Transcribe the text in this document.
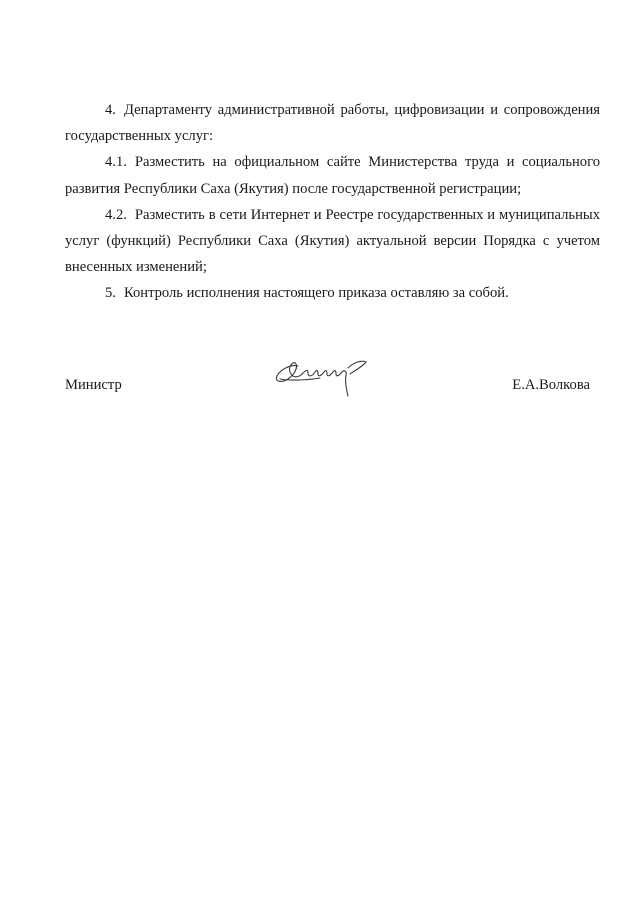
4. Департаменту административной работы, цифровизации и сопровождения государственных услуг:

4.1. Разместить на официальном сайте Министерства труда и социального развития Республики Саха (Якутия) после государственной регистрации;

4.2. Разместить в сети Интернет и Реестре государственных и муниципальных услуг (функций) Республики Саха (Якутия) актуальной версии Порядка с учетом внесенных изменений;

5. Контроль исполнения настоящего приказа оставляю за собой.

Министр	Е.А.Волкова
